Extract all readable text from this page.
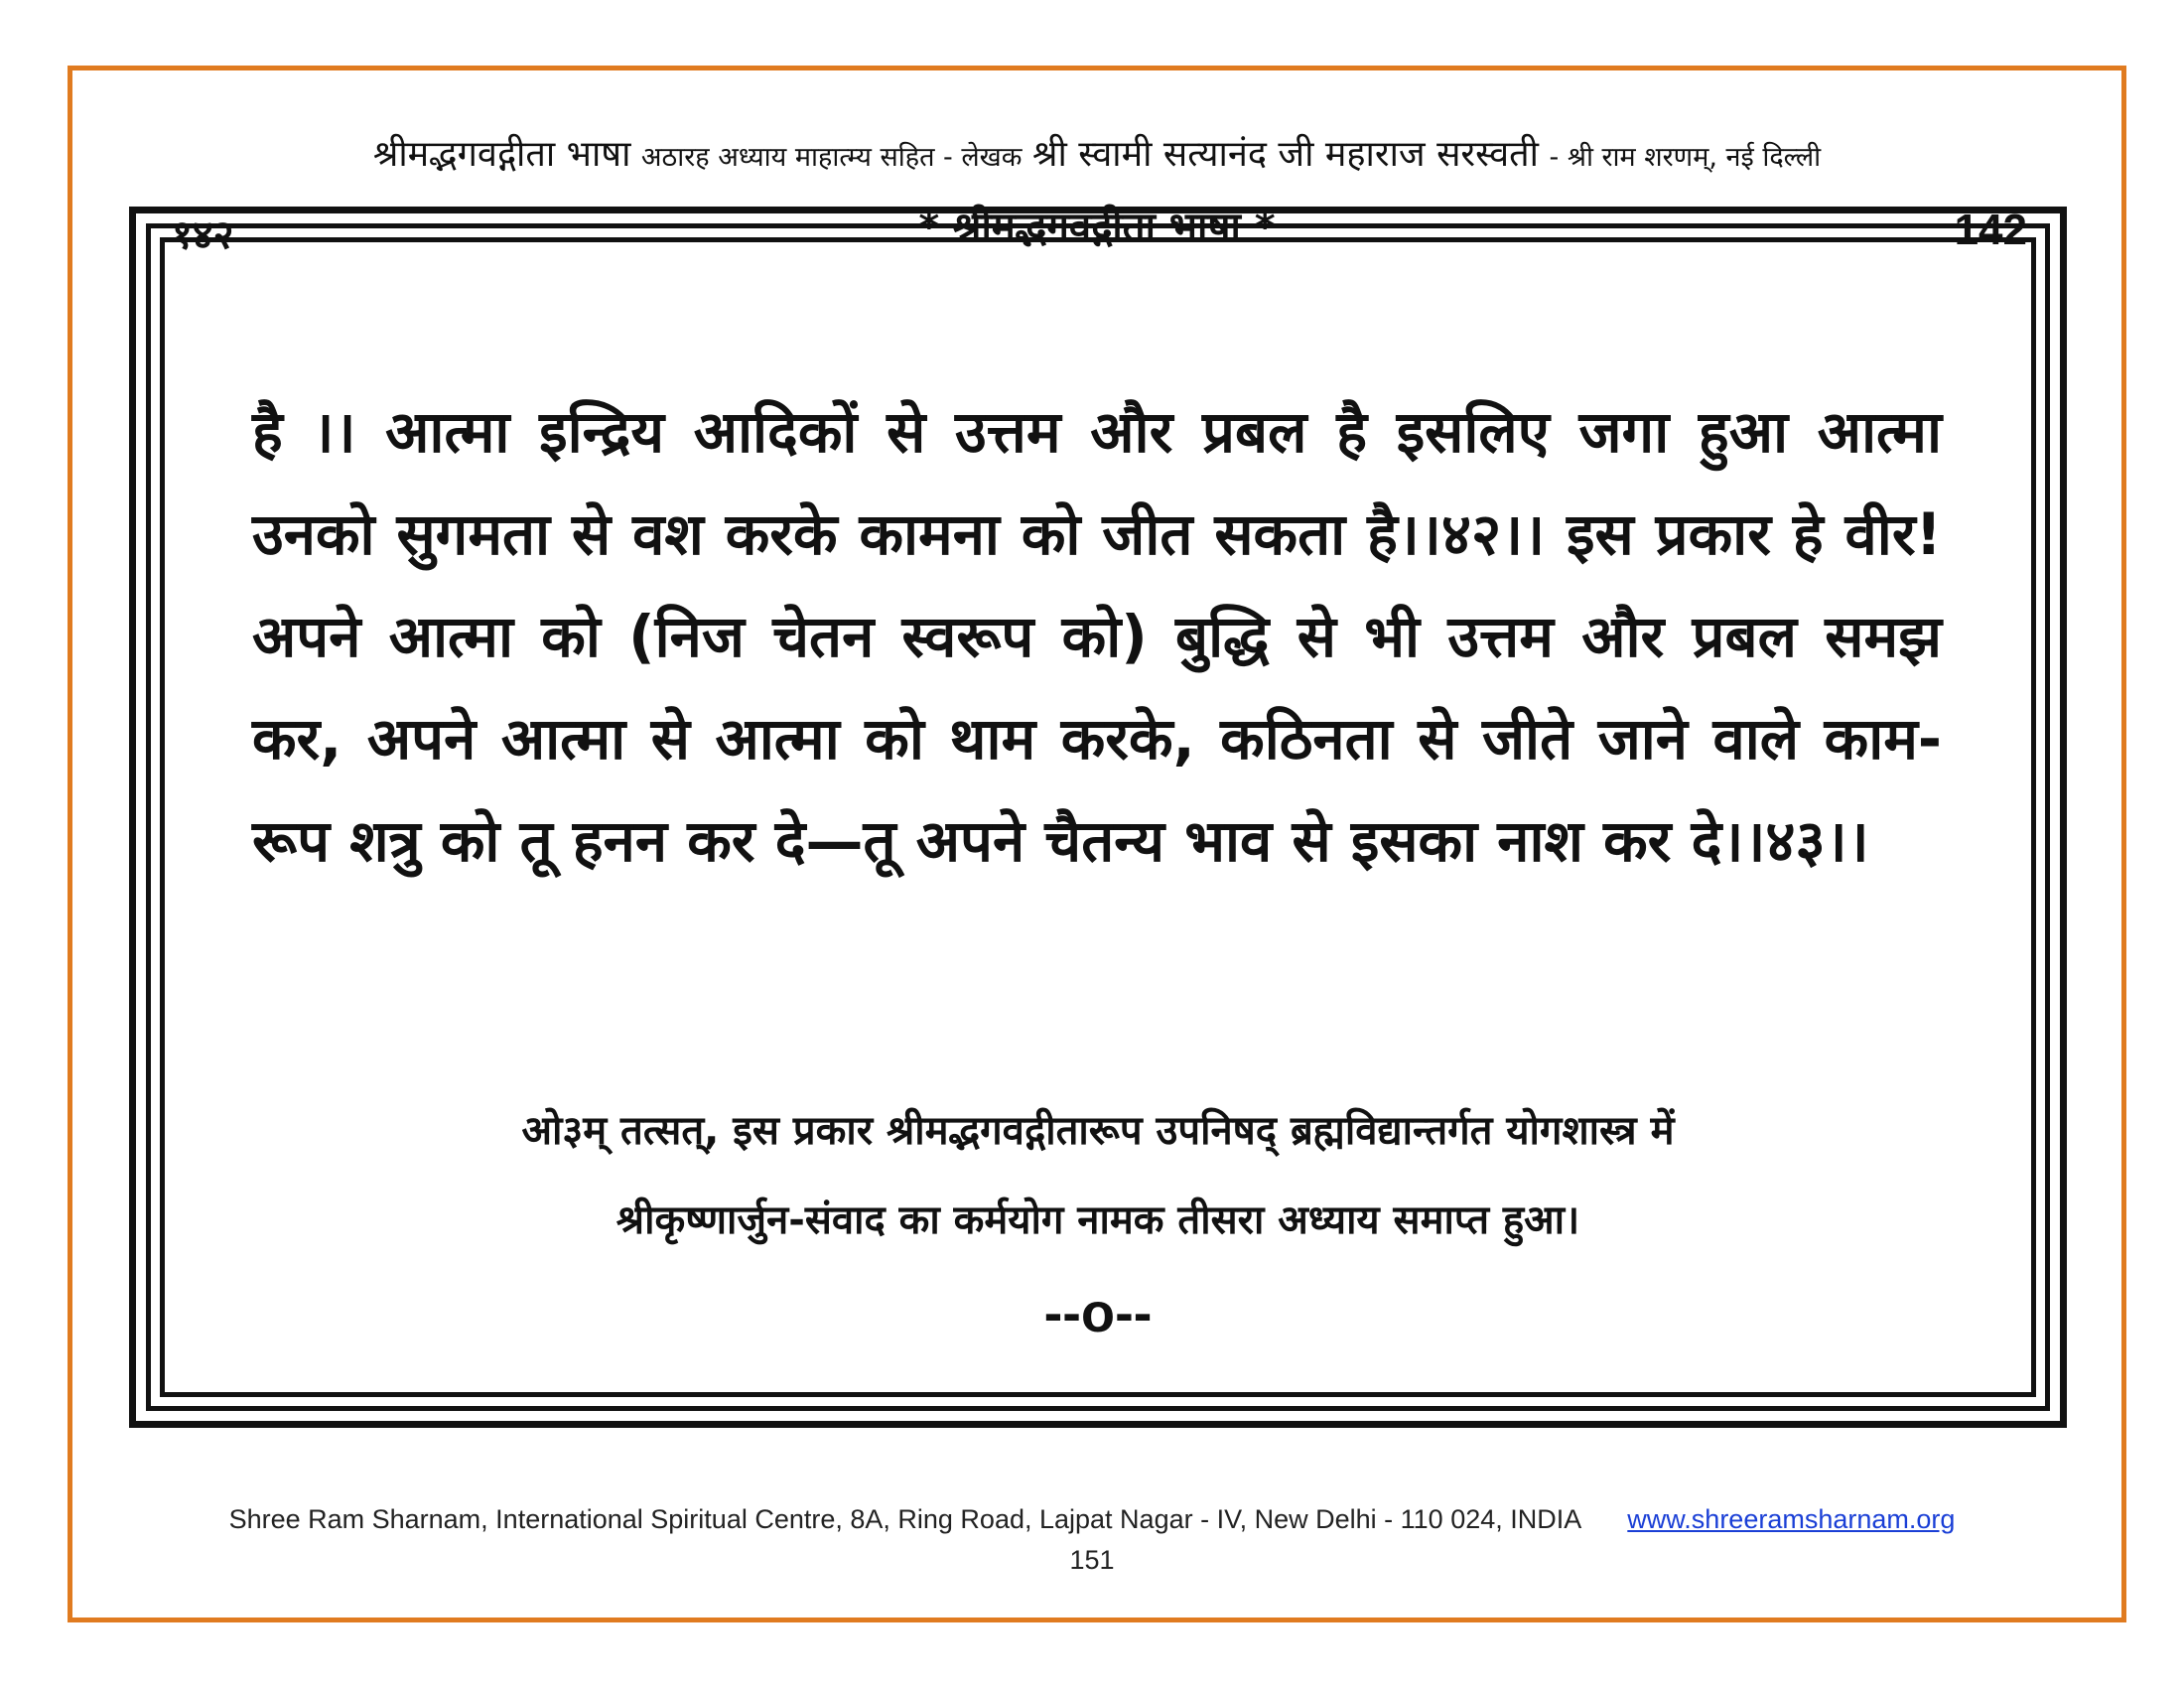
श्रीमद्भगवद्गीता भाषा अठारह अध्याय माहात्म्य सहित - लेखक श्री स्वामी सत्यानंद जी महाराज सरस्वती - श्री राम शरणम्, नई दिल्ली
१४२	* श्रीमद्भगवद्गीता भाषा *	142
है ।। आत्मा इन्द्रिय आदिकों से उत्तम और प्रबल है इसलिए जगा हुआ आत्मा उनको सुगमता से वश करके कामना को जीत सकता है।।४२।। इस प्रकार हे वीर! अपने आत्मा को (निज चेतन स्वरूप को) बुद्धि से भी उत्तम और प्रबल समझ कर, अपने आत्मा से आत्मा को थाम करके, कठिनता से जीते जाने वाले काम-रूप शत्रु को तू हनन कर दे—तू अपने चैतन्य भाव से इसका नाश कर दे।।४३।।
ओ३म् तत्सत्, इस प्रकार श्रीमद्भगवद्गीतारूप उपनिषद् ब्रह्मविद्यान्तर्गत योगशास्त्र में
श्रीकृष्णार्जुन-संवाद का कर्मयोग नामक तीसरा अध्याय समाप्त हुआ।
--o--
Shree Ram Sharnam, International Spiritual Centre, 8A, Ring Road, Lajpat Nagar - IV, New Delhi - 110 024, INDIA www.shreeramsharnam.org
151
